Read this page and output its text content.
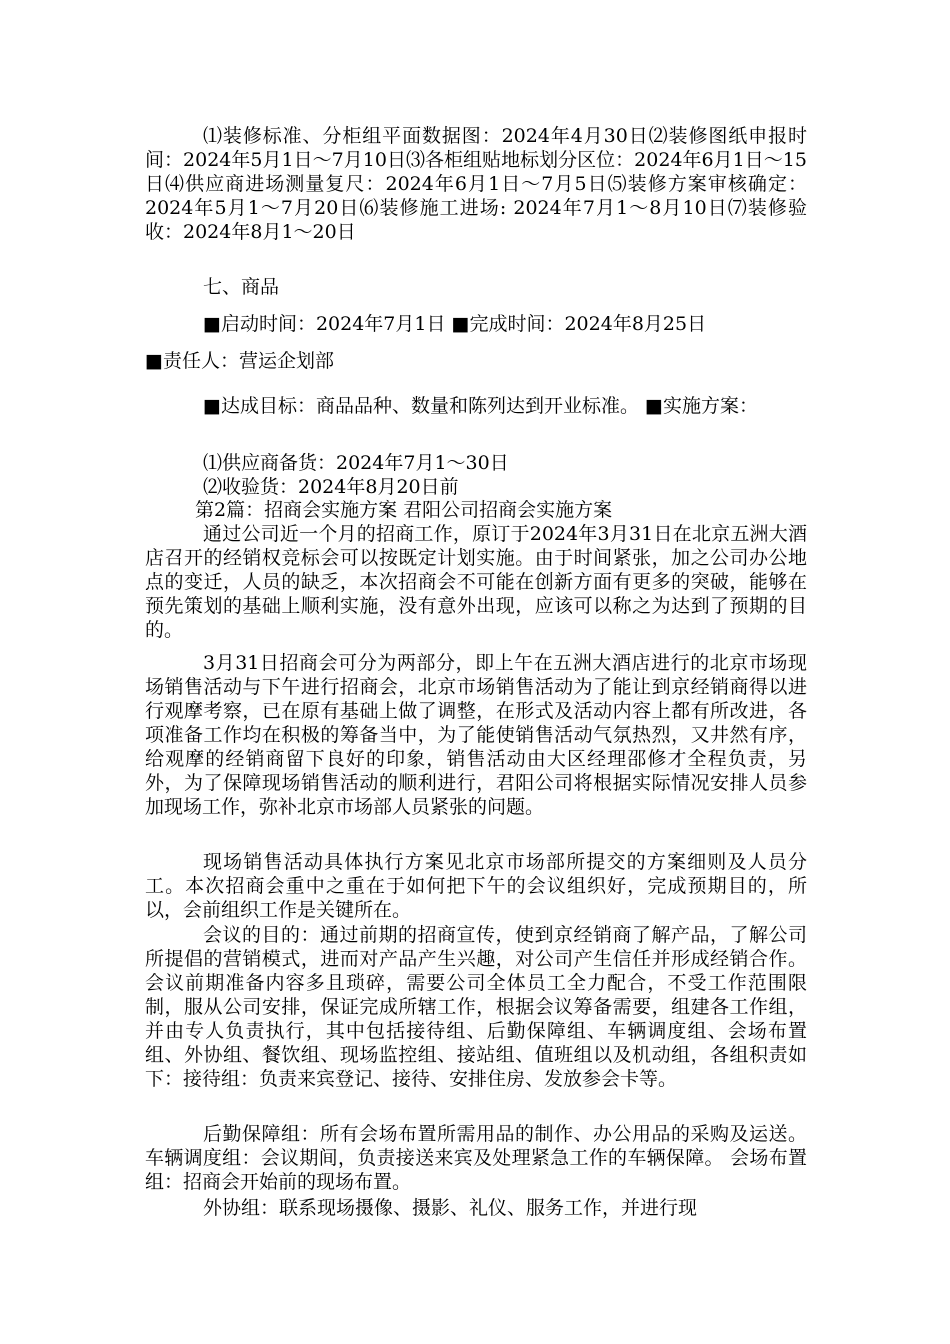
⑴装修标准、分柜组平面数据图：2024年4月30日⑵装修图纸申报时间：2024年5月1日～7月10日⑶各柜组贴地标划分区位：2024年6月1日～15日⑷供应商进场测量复尺：2024年6月1日～7月5日⑸装修方案审核确定：2024年5月1～7月20日⑹装修施工进场: 2024年7月1～8月10日⑺装修验收：2024年8月1～20日

七、商品

■启动时间：2024年7月1日 ■完成时间：2024年8月25日

■责任人：营运企划部

■达成目标：商品品种、数量和陈列达到开业标准。 ■实施方案：

⑴供应商备货：2024年7月1～30日

⑵收验货：2024年8月20日前

第2篇：招商会实施方案 君阳公司招商会实施方案

通过公司近一个月的招商工作，原订于2024年3月31日在北京五洲大酒店召开的经销权竞标会可以按既定计划实施。由于时间紧张，加之公司办公地点的变迁，人员的缺乏，本次招商会不可能在创新方面有更多的突破，能够在预先策划的基础上顺利实施，没有意外出现，应该可以称之为达到了预期的目的。

3月31日招商会可分为两部分，即上午在五洲大酒店进行的北京市场现场销售活动与下午进行招商会，北京市场销售活动为了能让到京经销商得以进行观摩考察，已在原有基础上做了调整，在形式及活动内容上都有所改进，各项准备工作均在积极的筹备当中，为了能使销售活动气氛热烈，又井然有序，给观摩的经销商留下良好的印象，销售活动由大区经理邵修才全程负责，另外，为了保障现场销售活动的顺利进行，君阳公司将根据实际情况安排人员参加现场工作，弥补北京市场部人员紧张的问题。

现场销售活动具体执行方案见北京市场部所提交的方案细则及人员分工。本次招商会重中之重在于如何把下午的会议组织好，完成预期目的，所以，会前组织工作是关键所在。

会议的目的：通过前期的招商宣传，使到京经销商了解产品，了解公司所提倡的营销模式，进而对产品产生兴趣，对公司产生信任并形成经销合作。会议前期准备内容多且琐碎，需要公司全体员工全力配合，不受工作范围限制，服从公司安排，保证完成所辖工作，根据会议筹备需要，组建各工作组，并由专人负责执行，其中包括接待组、后勤保障组、车辆调度组、会场布置组、外协组、餐饮组、现场监控组、接站组、值班组以及机动组，各组积责如下：接待组：负责来宾登记、接待、安排住房、发放参会卡等。

后勤保障组：所有会场布置所需用品的制作、办公用品的采购及运送。 车辆调度组：会议期间，负责接送来宾及处理紧急工作的车辆保障。 会场布置组：招商会开始前的现场布置。

外协组：联系现场摄像、摄影、礼仪、服务工作，并进行现
